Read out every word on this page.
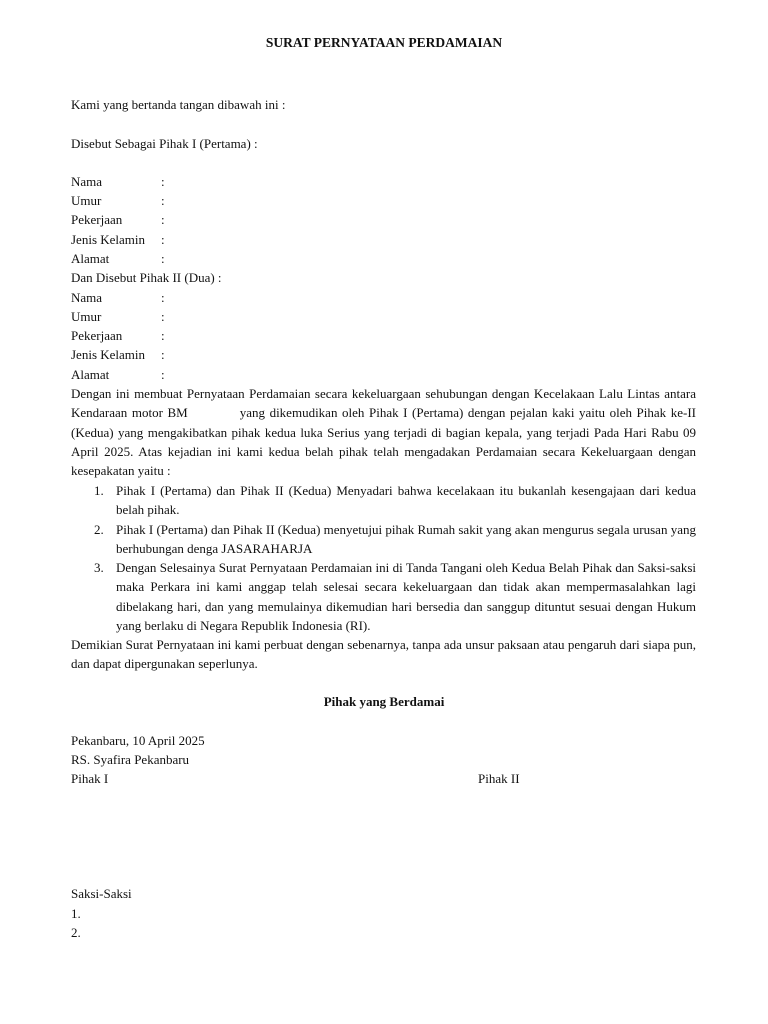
SURAT PERNYATAAN PERDAMAIAN
Kami yang bertanda tangan dibawah ini :
Disebut Sebagai Pihak I (Pertama) :
Nama	:
Umur	:
Pekerjaan	:
Jenis Kelamin :
Alamat	:
Dan Disebut Pihak II (Dua) :
Nama	:
Umur	:
Pekerjaan	:
Jenis Kelamin :
Alamat	:
Dengan ini membuat Pernyataan Perdamaian secara kekeluargaan sehubungan dengan Kecelakaan Lalu Lintas antara Kendaraan motor BM	yang dikemudikan oleh Pihak I (Pertama) dengan pejalan kaki yaitu oleh Pihak ke-II (Kedua) yang mengakibatkan pihak kedua luka Serius yang terjadi di bagian kepala, yang terjadi Pada Hari Rabu 09 April 2025. Atas kejadian ini kami kedua belah pihak telah mengadakan Perdamaian secara Kekeluargaan dengan kesepakatan yaitu :
1. Pihak I (Pertama) dan Pihak II (Kedua) Menyadari bahwa kecelakaan itu bukanlah kesengajaan dari kedua belah pihak.
2. Pihak I (Pertama) dan Pihak II (Kedua) menyetujui pihak Rumah sakit yang akan mengurus segala urusan yang berhubungan denga JASARAHARJA
3. Dengan Selesainya Surat Pernyataan Perdamaian ini di Tanda Tangani oleh Kedua Belah Pihak dan Saksi-saksi maka Perkara ini kami anggap telah selesai secara kekeluargaan dan tidak akan mempermasalahkan lagi dibelakang hari, dan yang memulainya dikemudian hari bersedia dan sanggup dituntut sesuai dengan Hukum yang berlaku di Negara Republik Indonesia (RI).
Demikian Surat Pernyataan ini kami perbuat dengan sebenarnya, tanpa ada unsur paksaan atau pengaruh dari siapa pun, dan dapat dipergunakan seperlunya.
Pihak yang Berdamai
Pekanbaru, 10 April 2025
RS. Syafira Pekanbaru
Pihak I	Pihak II
Saksi-Saksi
1.
2.
